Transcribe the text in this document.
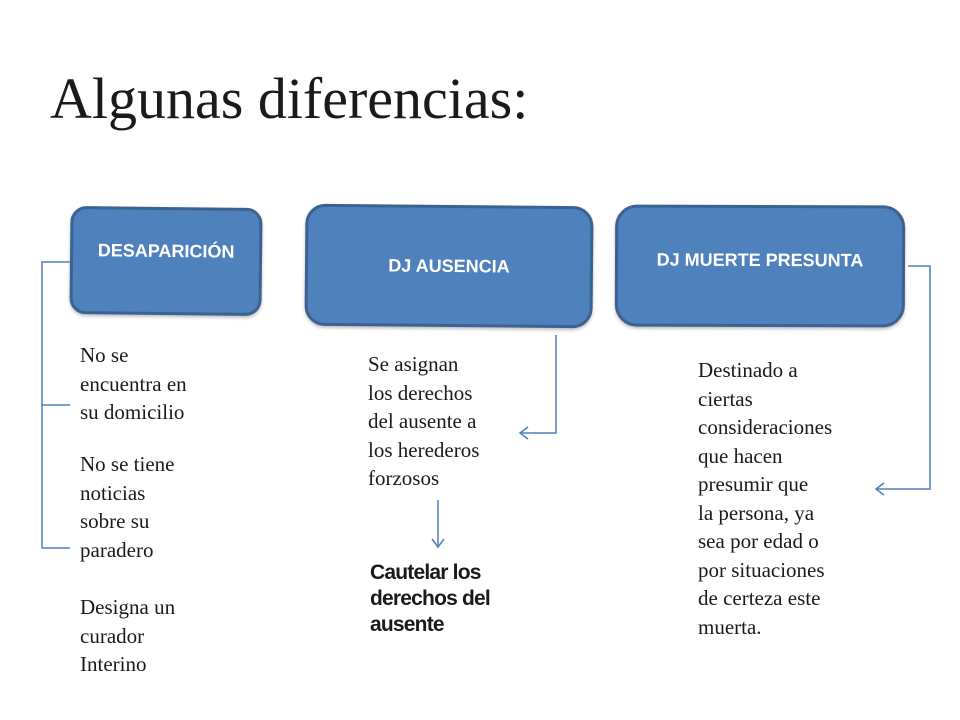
Algunas diferencias:
DESAPARICIÓN
DJ AUSENCIA	DJ MUERTE PRESUNTA
No se
encuentra en
su domicilio
No se tiene
noticias
sobre su
paradero
Designa un
curador
Interino
Se asignan
los derechos
del ausente a
los herederos
forzosos
Cautelar los
derechos del
ausente
Destinado a
ciertas
consideraciones
que hacen
presumir que
la persona, ya
sea por edad o
por situaciones
de certeza este
muerta.
